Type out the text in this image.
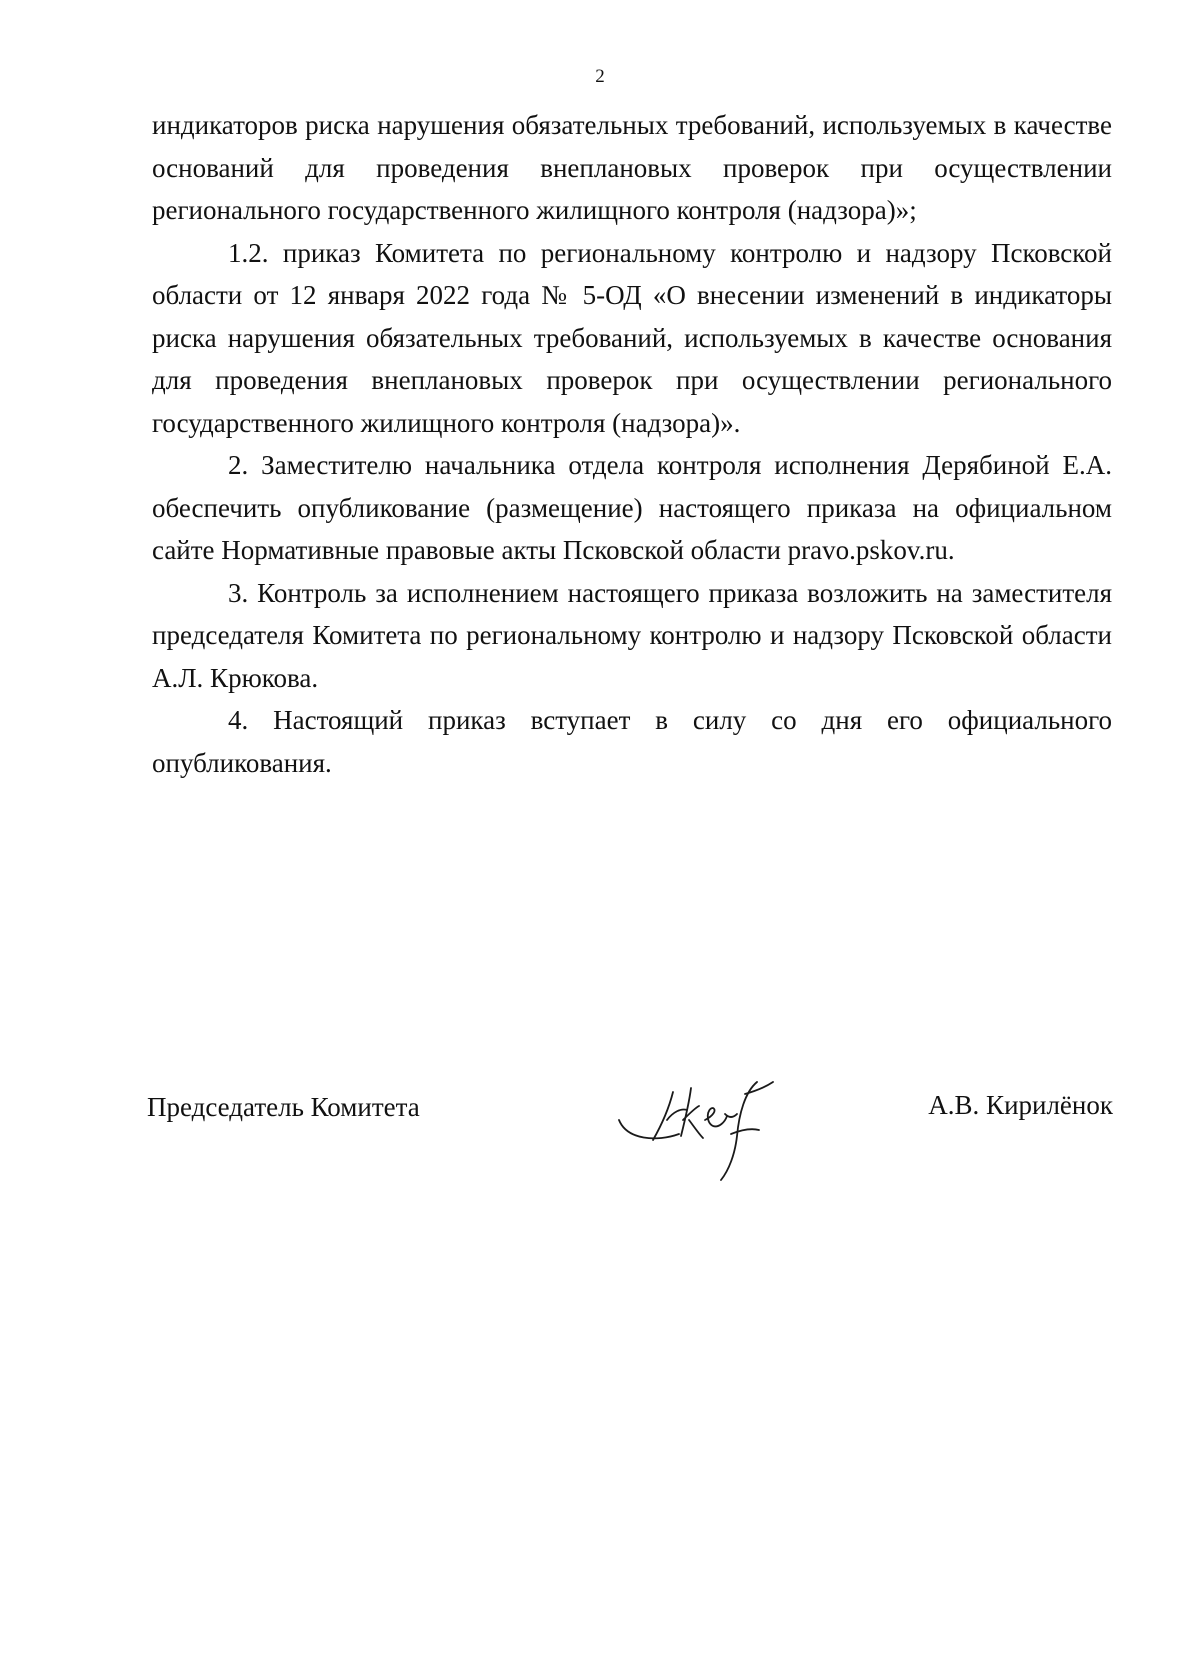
2

индикаторов риска нарушения обязательных требований, используемых в качестве оснований для проведения внеплановых проверок при осуществлении регионального государственного жилищного контроля (надзора)»;

1.2. приказ Комитета по региональному контролю и надзору Псковской области от 12 января 2022 года № 5-ОД «О внесении изменений в индикаторы риска нарушения обязательных требований, используемых в качестве основания для проведения внеплановых проверок при осуществлении регионального государственного жилищного контроля (надзора)».

2. Заместителю начальника отдела контроля исполнения Дерябиной Е.А. обеспечить опубликование (размещение) настоящего приказа на официальном сайте Нормативные правовые акты Псковской области pravo.pskov.ru.

3. Контроль за исполнением настоящего приказа возложить на заместителя председателя Комитета по региональному контролю и надзору Псковской области А.Л. Крюкова.

4. Настоящий приказ вступает в силу со дня его официального опубликования.

Председатель Комитета	А.В. Кирилёнок
